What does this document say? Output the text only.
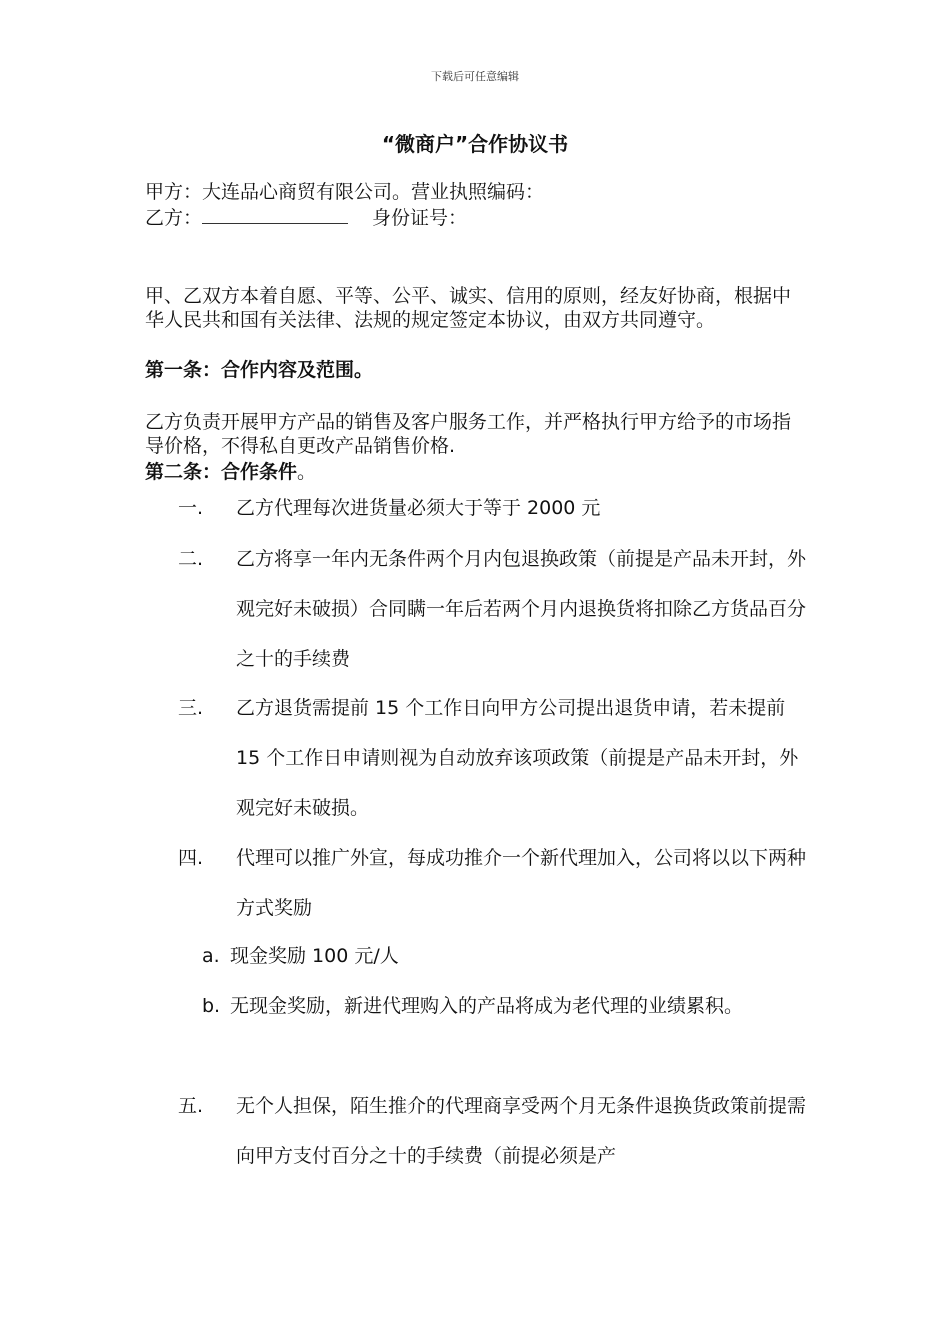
下载后可任意编辑
“微商户”合作协议书
甲方：大连品心商贸有限公司。营业执照编码：
乙方：	身份证号：
甲、乙双方本着自愿、平等、公平、诚实、信用的原则，经友好协商，根据中华人民共和国有关法律、法规的规定签定本协议，由双方共同遵守。
第一条：合作内容及范围。
乙方负责开展甲方产品的销售及客户服务工作，并严格执行甲方给予的市场指导价格，不得私自更改产品销售价格.
第二条：合作条件。
一.	乙方代理每次进货量必须大于等于 2000 元
二.	乙方将享一年内无条件两个月内包退换政策（前提是产品未开封，外观完好未破损）合同瞒一年后若两个月内退换货将扣除乙方货品百分之十的手续费
三.	乙方退货需提前 15 个工作日向甲方公司提出退货申请，若未提前 15 个工作日申请则视为自动放弃该项政策（前提是产品未开封，外观完好未破损。
四.	代理可以推广外宣，每成功推介一个新代理加入，公司将以以下两种方式奖励
a. 现金奖励 100 元/人
b. 无现金奖励，新进代理购入的产品将成为老代理的业绩累积。
五.	无个人担保，陌生推介的代理商享受两个月无条件退换货政策前提需向甲方支付百分之十的手续费（前提必须是产
